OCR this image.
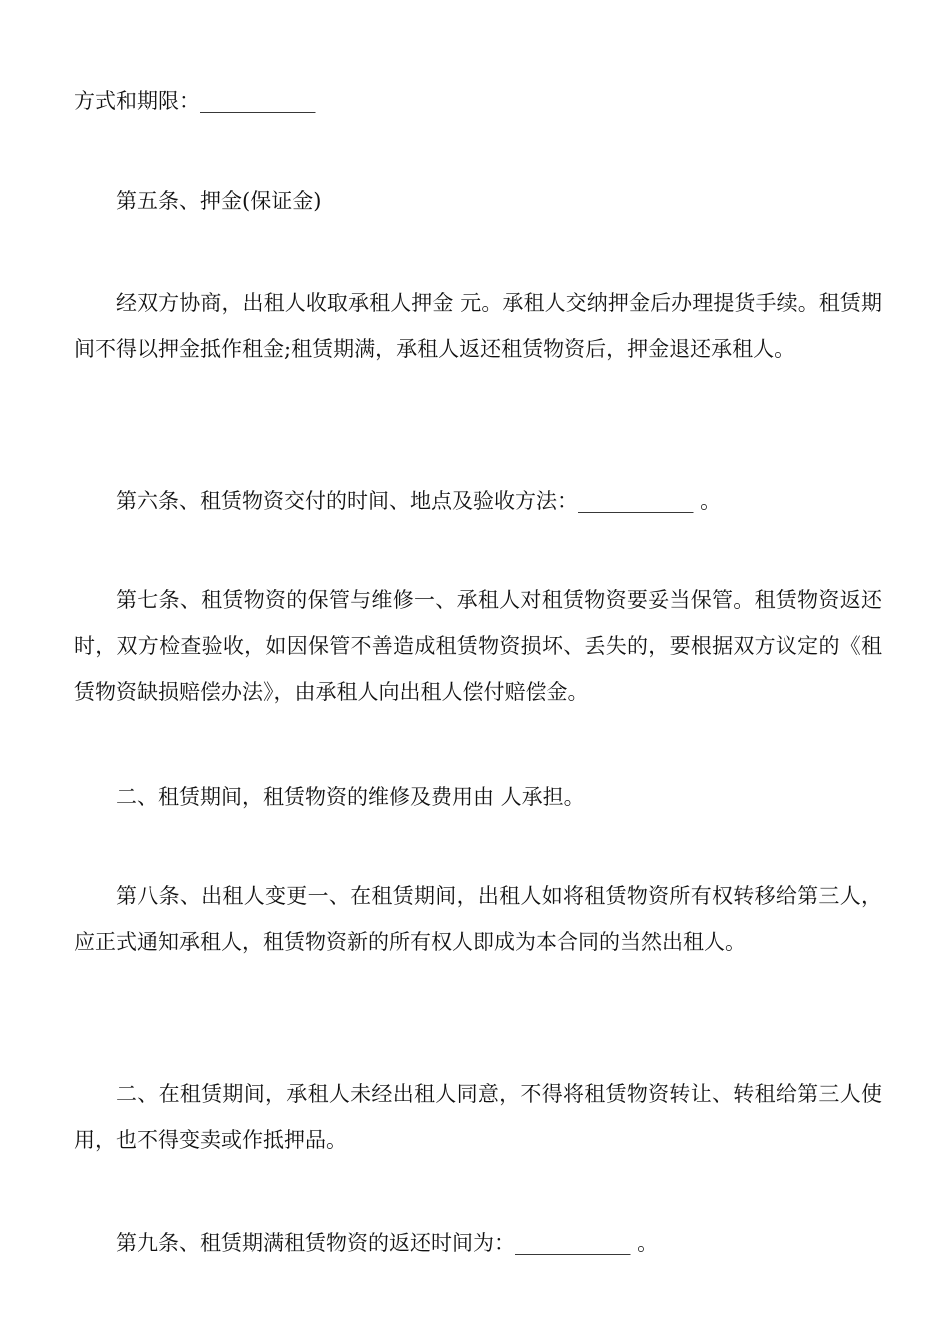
方式和期限：___________

第五条、押金(保证金)

经双方协商，出租人收取承租人押金 元。承租人交纳押金后办理提货手续。租赁期间不得以押金抵作租金;租赁期满，承租人返还租赁物资后，押金退还承租人。

第六条、租赁物资交付的时间、地点及验收方法：___________ 。

第七条、租赁物资的保管与维修一、承租人对租赁物资要妥当保管。租赁物资返还时，双方检查验收，如因保管不善造成租赁物资损坏、丢失的，要根据双方议定的《租赁物资缺损赔偿办法》，由承租人向出租人偿付赔偿金。

二、租赁期间，租赁物资的维修及费用由 人承担。

第八条、出租人变更一、在租赁期间，出租人如将租赁物资所有权转移给第三人，应正式通知承租人，租赁物资新的所有权人即成为本合同的当然出租人。

二、在租赁期间，承租人未经出租人同意，不得将租赁物资转让、转租给第三人使用，也不得变卖或作抵押品。

第九条、租赁期满租赁物资的返还时间为：___________ 。
